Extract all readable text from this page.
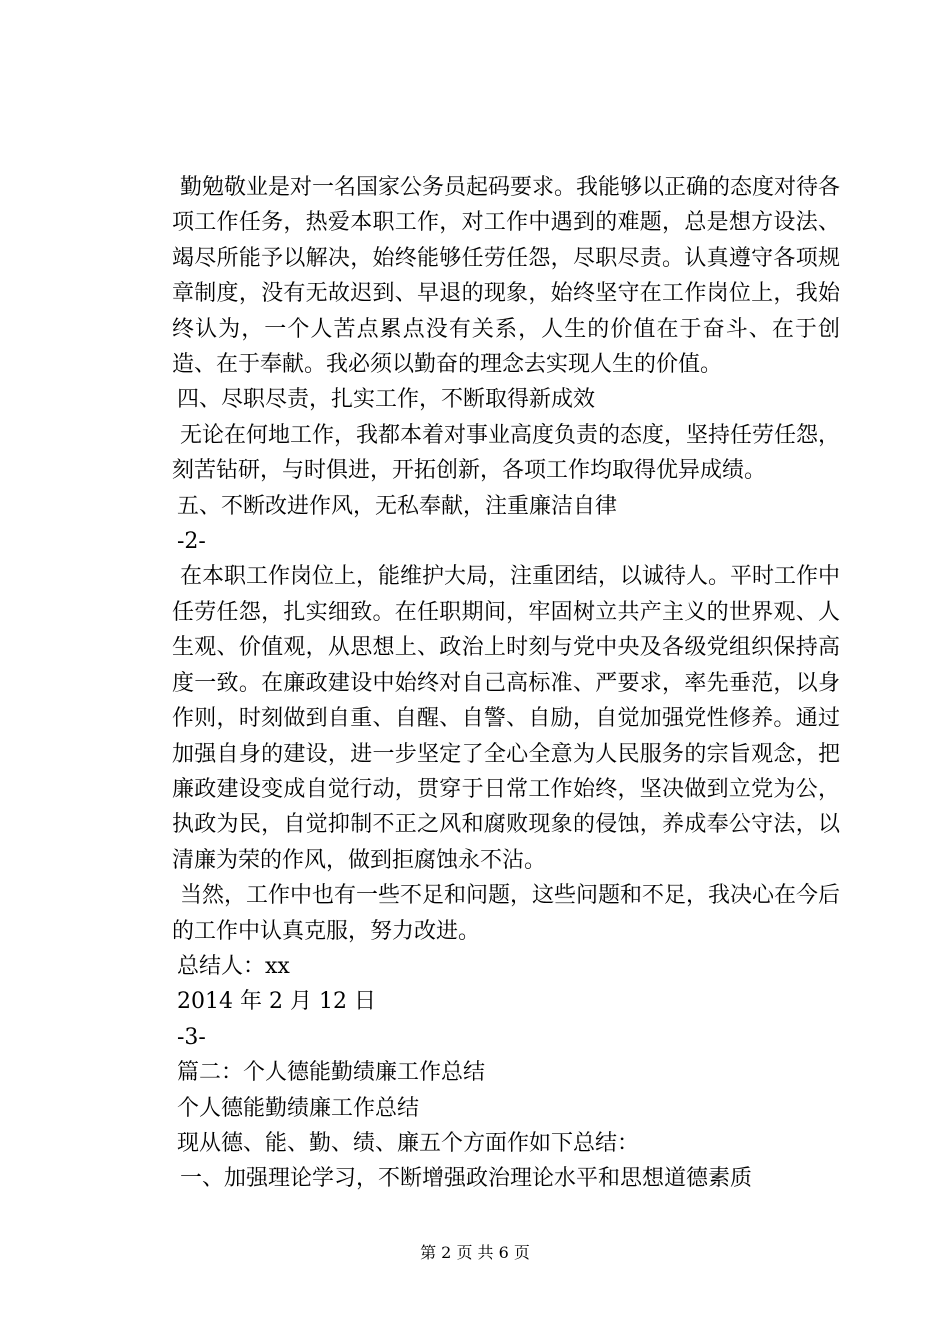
勤勉敬业是对一名国家公务员起码要求。我能够以正确的态度对待各项工作任务，热爱本职工作，对工作中遇到的难题，总是想方设法、竭尽所能予以解决，始终能够任劳任怨，尽职尽责。认真遵守各项规章制度，没有无故迟到、早退的现象，始终坚守在工作岗位上，我始终认为，一个人苦点累点没有关系，人生的价值在于奋斗、在于创造、在于奉献。我必须以勤奋的理念去实现人生的价值。

四、尽职尽责，扎实工作，不断取得新成效

无论在何地工作，我都本着对事业高度负责的态度，坚持任劳任怨，刻苦钻研，与时俱进，开拓创新，各项工作均取得优异成绩。

五、不断改进作风，无私奉献，注重廉洁自律

-2-

在本职工作岗位上，能维护大局，注重团结，以诚待人。平时工作中任劳任怨，扎实细致。在任职期间，牢固树立共产主义的世界观、人生观、价值观，从思想上、政治上时刻与党中央及各级党组织保持高度一致。在廉政建设中始终对自己高标准、严要求，率先垂范，以身作则，时刻做到自重、自醒、自警、自励，自觉加强党性修养。通过加强自身的建设，进一步坚定了全心全意为人民服务的宗旨观念，把廉政建设变成自觉行动，贯穿于日常工作始终，坚决做到立党为公，执政为民，自觉抑制不正之风和腐败现象的侵蚀，养成奉公守法，以清廉为荣的作风，做到拒腐蚀永不沾。

当然，工作中也有一些不足和问题，这些问题和不足，我决心在今后的工作中认真克服，努力改进。

总结人：xx

2014 年 2 月 12 日

-3-

篇二：个人德能勤绩廉工作总结

个人德能勤绩廉工作总结

现从德、能、勤、绩、廉五个方面作如下总结：

一、加强理论学习，不断增强政治理论水平和思想道德素质

第 2 页 共 6 页
